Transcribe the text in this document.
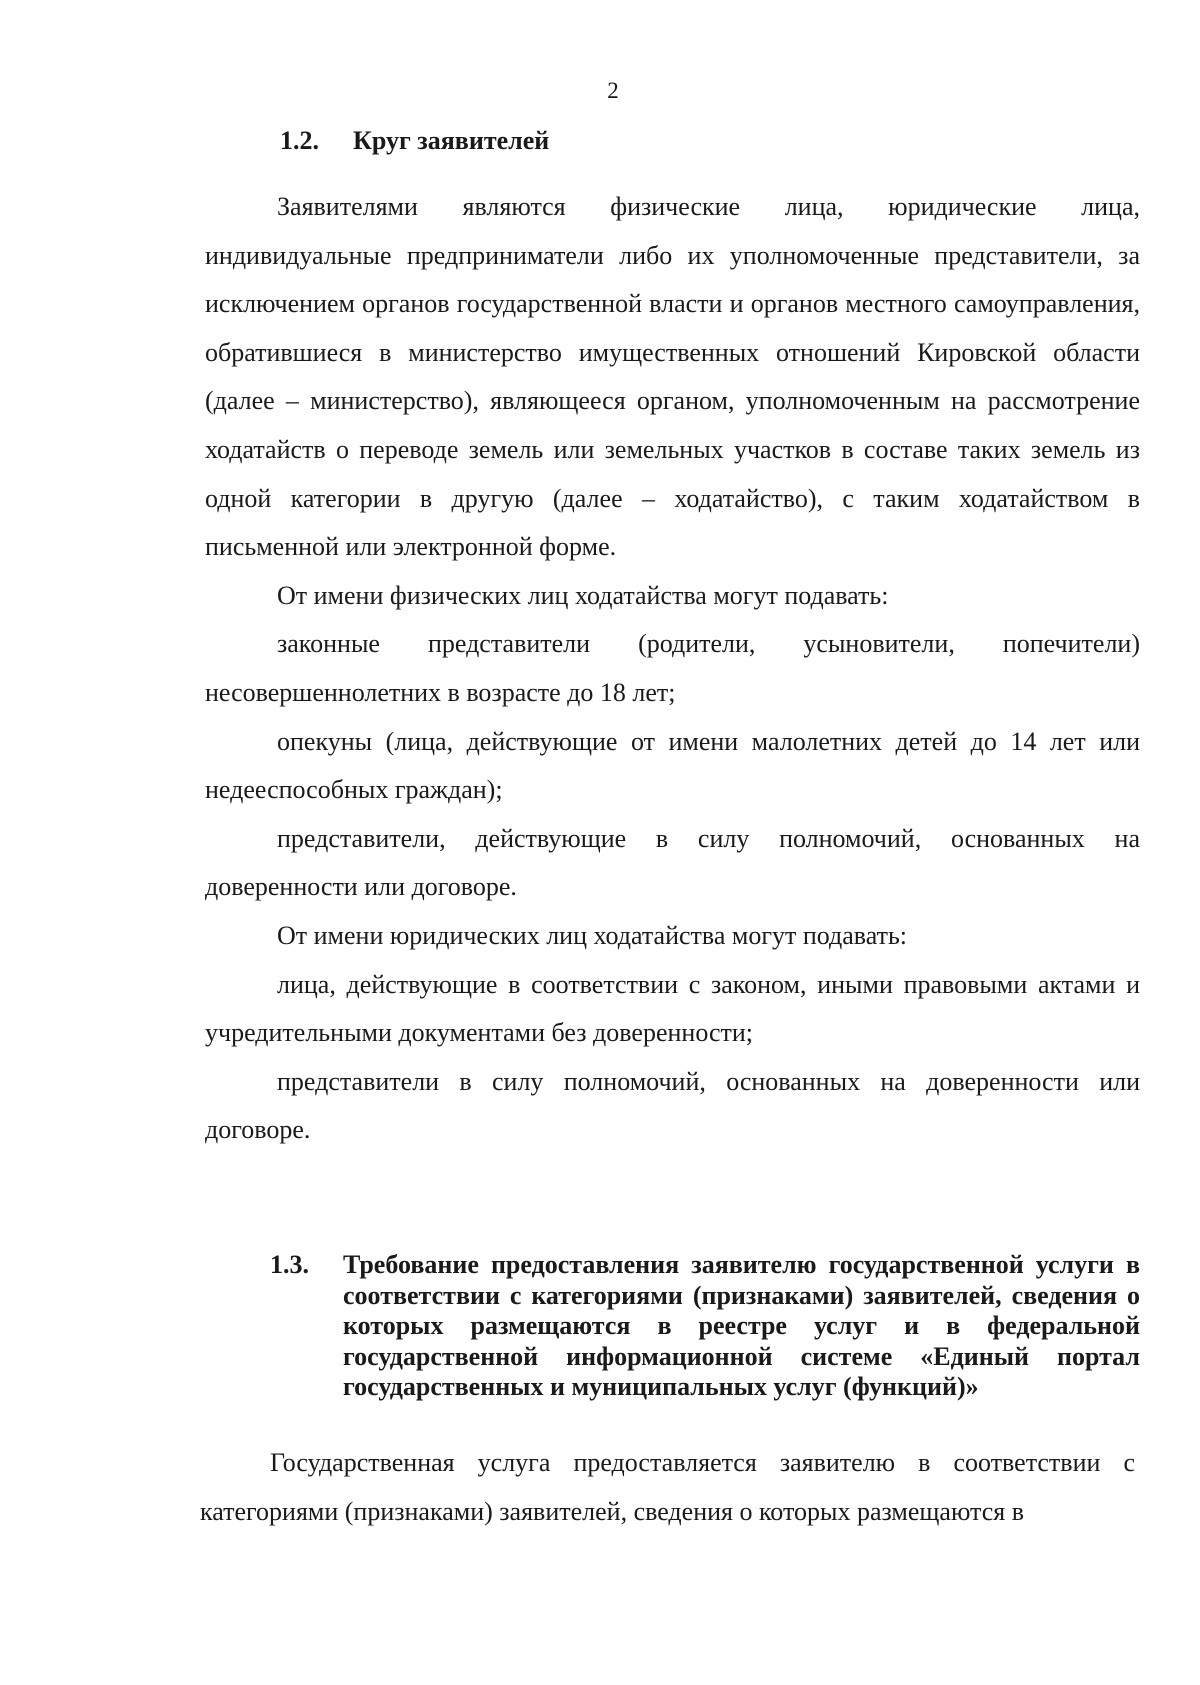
2
1.2. Круг заявителей

Заявителями являются физические лица, юридические лица, индивидуальные предприниматели либо их уполномоченные представители, за исключением органов государственной власти и органов местного самоуправления, обратившиеся в министерство имущественных отношений Кировской области (далее – министерство), являющееся органом, уполномоченным на рассмотрение ходатайств о переводе земель или земельных участков в составе таких земель из одной категории в другую (далее – ходатайство), с таким ходатайством в письменной или электронной форме.

От имени физических лиц ходатайства могут подавать:

законные представители (родители, усыновители, попечители) несовершеннолетних в возрасте до 18 лет;

опекуны (лица, действующие от имени малолетних детей до 14 лет или недееспособных граждан);

представители, действующие в силу полномочий, основанных на доверенности или договоре.

От имени юридических лиц ходатайства могут подавать:

лица, действующие в соответствии с законом, иными правовыми актами и учредительными документами без доверенности;

представители в силу полномочий, основанных на доверенности или договоре.

1.3. Требование предоставления заявителю государственной услуги в соответствии с категориями (признаками) заявителей, сведения о которых размещаются в реестре услуг и в федеральной государственной информационной системе «Единый портал государственных и муниципальных услуг (функций)»

Государственная услуга предоставляется заявителю в соответствии с категориями (признаками) заявителей, сведения о которых размещаются в
